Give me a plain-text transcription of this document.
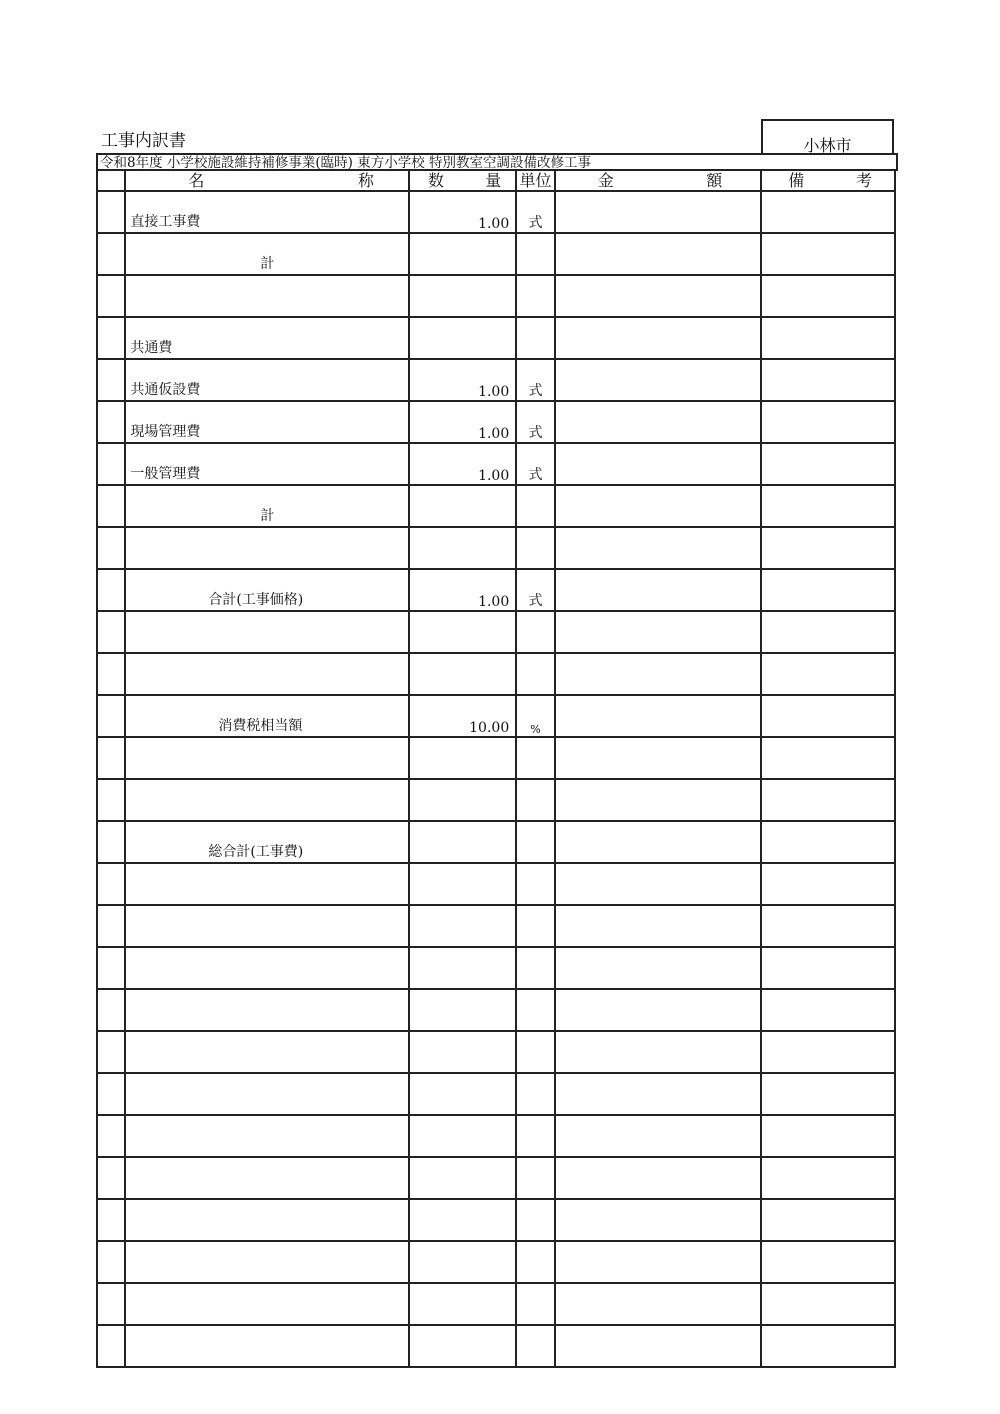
工事内訳書	小林市
令和8年度 小学校施設維持補修事業(臨時) 東方小学校 特別教室空調設備改修工事

	名 称	数 量	単位	金 額	備 考

	直接工事費	1.00	式		
	計				

	共通費				
	共通仮設費	1.00	式		
	現場管理費	1.00	式		
	一般管理費	1.00	式		
	計				

	合計(工事価格)	1.00	式		

	消費税相当額	10.00	%		

	総合計(工事費)				
